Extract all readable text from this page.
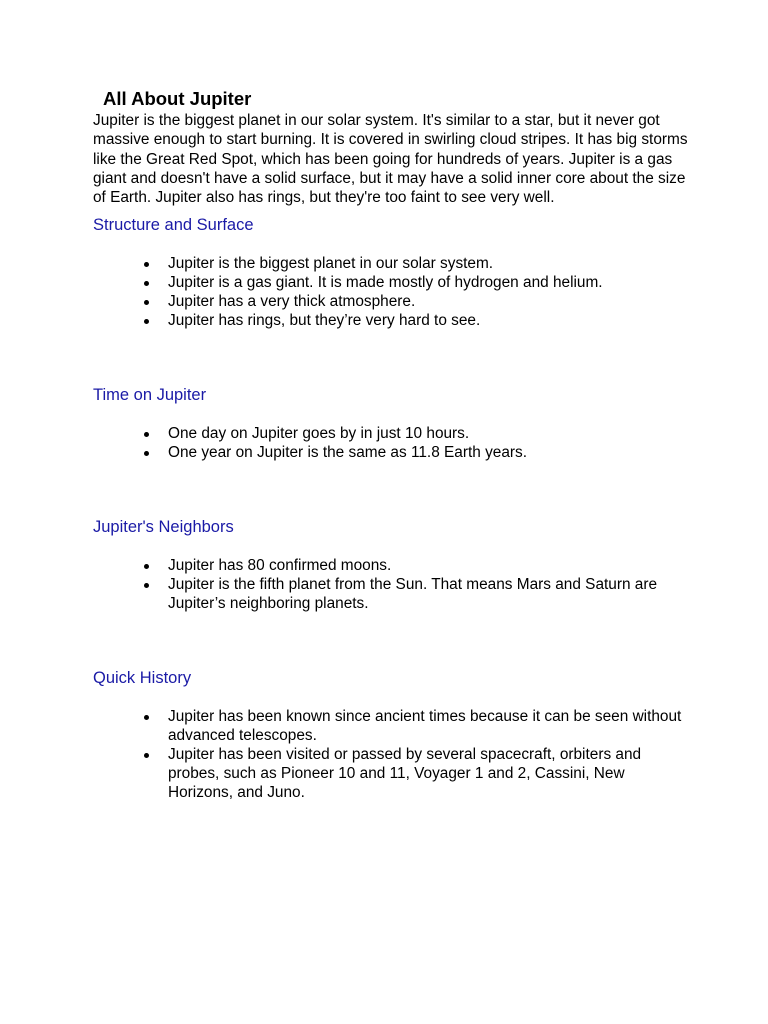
All About Jupiter

Jupiter is the biggest planet in our solar system. It's similar to a star, but it never got massive enough to start burning. It is covered in swirling cloud stripes. It has big storms like the Great Red Spot, which has been going for hundreds of years. Jupiter is a gas giant and doesn't have a solid surface, but it may have a solid inner core about the size of Earth. Jupiter also has rings, but they're too faint to see very well.

Structure and Surface
Jupiter is the biggest planet in our solar system.
Jupiter is a gas giant. It is made mostly of hydrogen and helium.
Jupiter has a very thick atmosphere.
Jupiter has rings, but they’re very hard to see.
Time on Jupiter
One day on Jupiter goes by in just 10 hours.
One year on Jupiter is the same as 11.8 Earth years.
Jupiter's Neighbors
Jupiter has 80 confirmed moons.
Jupiter is the fifth planet from the Sun. That means Mars and Saturn are Jupiter’s neighboring planets.
Quick History
Jupiter has been known since ancient times because it can be seen without advanced telescopes.
Jupiter has been visited or passed by several spacecraft, orbiters and probes, such as Pioneer 10 and 11, Voyager 1 and 2, Cassini, New Horizons, and Juno.
